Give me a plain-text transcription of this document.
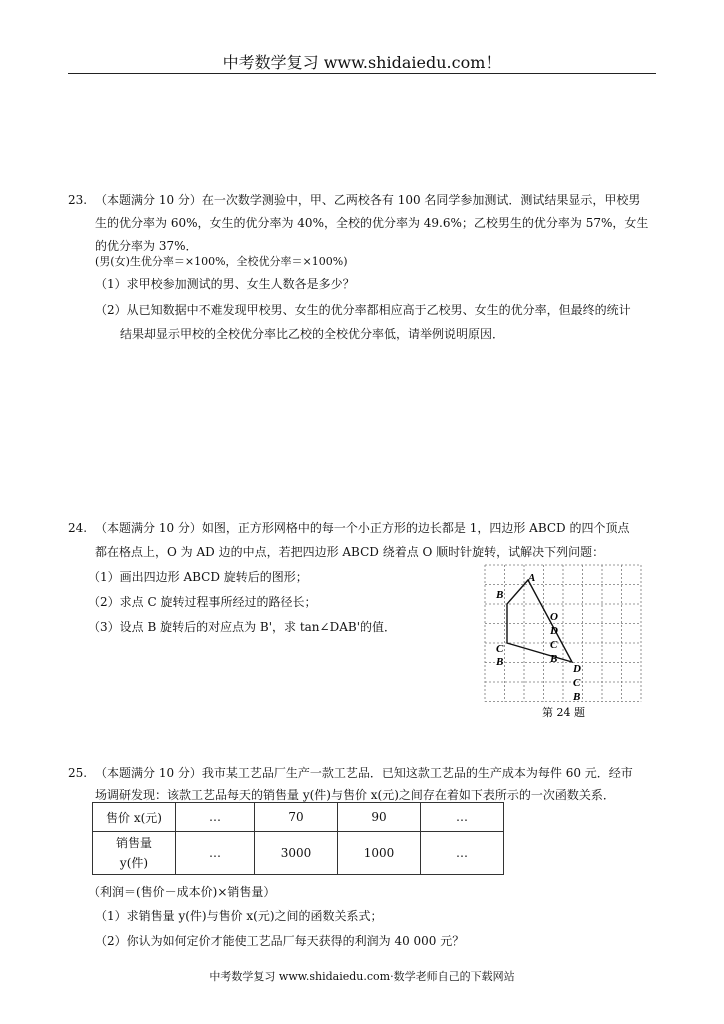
中考数学复习 www.shidaiedu.com！
23. （本题满分 10 分）在一次数学测验中，甲、乙两校各有 100 名同学参加测试．测试结果显示，甲校男
生的优分率为 60%，女生的优分率为 40%，全校的优分率为 49.6%；乙校男生的优分率为 57%，女生
的优分率为 37%．
(男(女)生优分率＝×100%，全校优分率＝×100%)
（1）求甲校参加测试的男、女生人数各是多少？
（2）从已知数据中不难发现甲校男、女生的优分率都相应高于乙校男、女生的优分率，但最终的统计
结果却显示甲校的全校优分率比乙校的全校优分率低，请举例说明原因．
24. （本题满分 10 分）如图，正方形网格中的每一个小正方形的边长都是 1，四边形 ABCD 的四个顶点
都在格点上，O 为 AD 边的中点，若把四边形 ABCD 绕着点 O 顺时针旋转，试解决下列问题：
（1）画出四边形 ABCD 旋转后的图形；
（2）求点 C 旋转过程事所经过的路径长；
（3）设点 B 旋转后的对应点为 B'，求 tan∠DAB'的值．
A
B
O
D
C	C
B	B
D
C
B
第 24 题
25. （本题满分 10 分）我市某工艺品厂生产一款工艺品．已知这款工艺品的生产成本为每件 60 元．经市
场调研发现：该款工艺品每天的销售量 y(件)与售价 x(元)之间存在着如下表所示的一次函数关系．
售价 x(元)	…	70	90	…
销售量
y(件)	…	3000	1000	…
（利润＝(售价－成本价)×销售量）
（1）求销售量 y(件)与售价 x(元)之间的函数关系式；
（2）你认为如何定价才能使工艺品厂每天获得的利润为 40 000 元？
中考数学复习 www.shidaiedu.com·数学老师自己的下载网站
